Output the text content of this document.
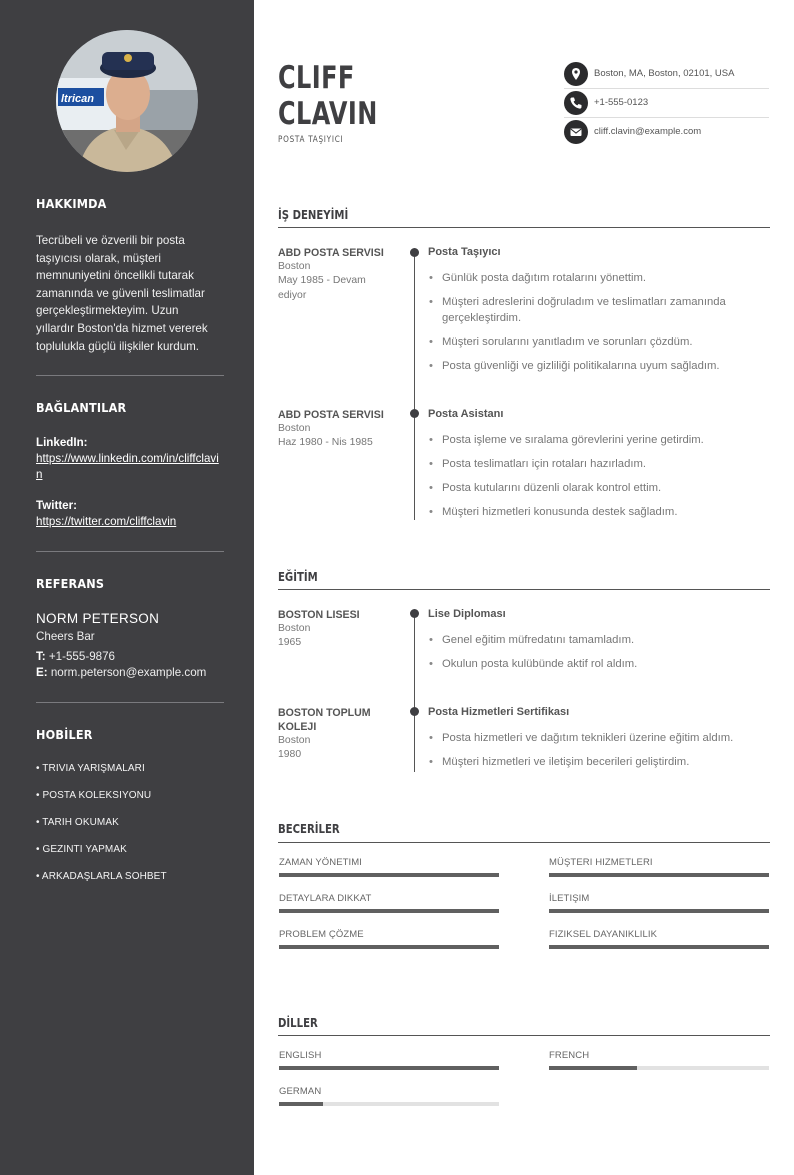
ltrican
HAKKIMDA
Tecrübeli ve özverili bir posta taşıyıcısı olarak, müşteri memnuniyetini öncelikli tutarak zamanında ve güvenli teslimatlar gerçekleştirmekteyim. Uzun yıllardır Boston'da hizmet vererek toplulukla güçlü ilişkiler kurdum.
BAĞLANTILAR
LinkedIn:
https://www.linkedin.com/in/cliffclavin
Twitter:
https://twitter.com/cliffclavin
REFERANS
NORM PETERSON
Cheers Bar
T: +1-555-9876
E: norm.peterson@example.com
HOBİLER
• TRIVIA YARIŞMALARI
• POSTA KOLEKSIYONU
• TARIH OKUMAK
• GEZINTI YAPMAK
• ARKADAŞLARLA SOHBET
CLIFF
CLAVIN
POSTA TAŞIYICI
Boston, MA, Boston, 02101, USA
+1-555-0123
cliff.clavin@example.com
İŞ DENEYİMİ
ABD POSTA SERVISI
Boston
May 1985 - Devam ediyor
Posta Taşıyıcı
• Günlük posta dağıtım rotalarını yönettim.
• Müşteri adreslerini doğruladım ve teslimatları zamanında gerçekleştirdim.
• Müşteri sorularını yanıtladım ve sorunları çözdüm.
• Posta güvenliği ve gizliliği politikalarına uyum sağladım.
ABD POSTA SERVISI
Boston
Haz 1980 - Nis 1985
Posta Asistanı
• Posta işleme ve sıralama görevlerini yerine getirdim.
• Posta teslimatları için rotaları hazırladım.
• Posta kutularını düzenli olarak kontrol ettim.
• Müşteri hizmetleri konusunda destek sağladım.
EĞİTİM
BOSTON LISESI
Boston
1965
Lise Diploması
• Genel eğitim müfredatını tamamladım.
• Okulun posta kulübünde aktif rol aldım.
BOSTON TOPLUM KOLEJI
Boston
1980
Posta Hizmetleri Sertifikası
• Posta hizmetleri ve dağıtım teknikleri üzerine eğitim aldım.
• Müşteri hizmetleri ve iletişim becerileri geliştirdim.
BECERİLER
ZAMAN YÖNETIMI	MÜŞTERI HIZMETLERI
DETAYLARA DIKKAT	İLETIŞIM
PROBLEM ÇÖZME	FIZIKSEL DAYANIKLILIK
DİLLER
ENGLISH	FRENCH
GERMAN
